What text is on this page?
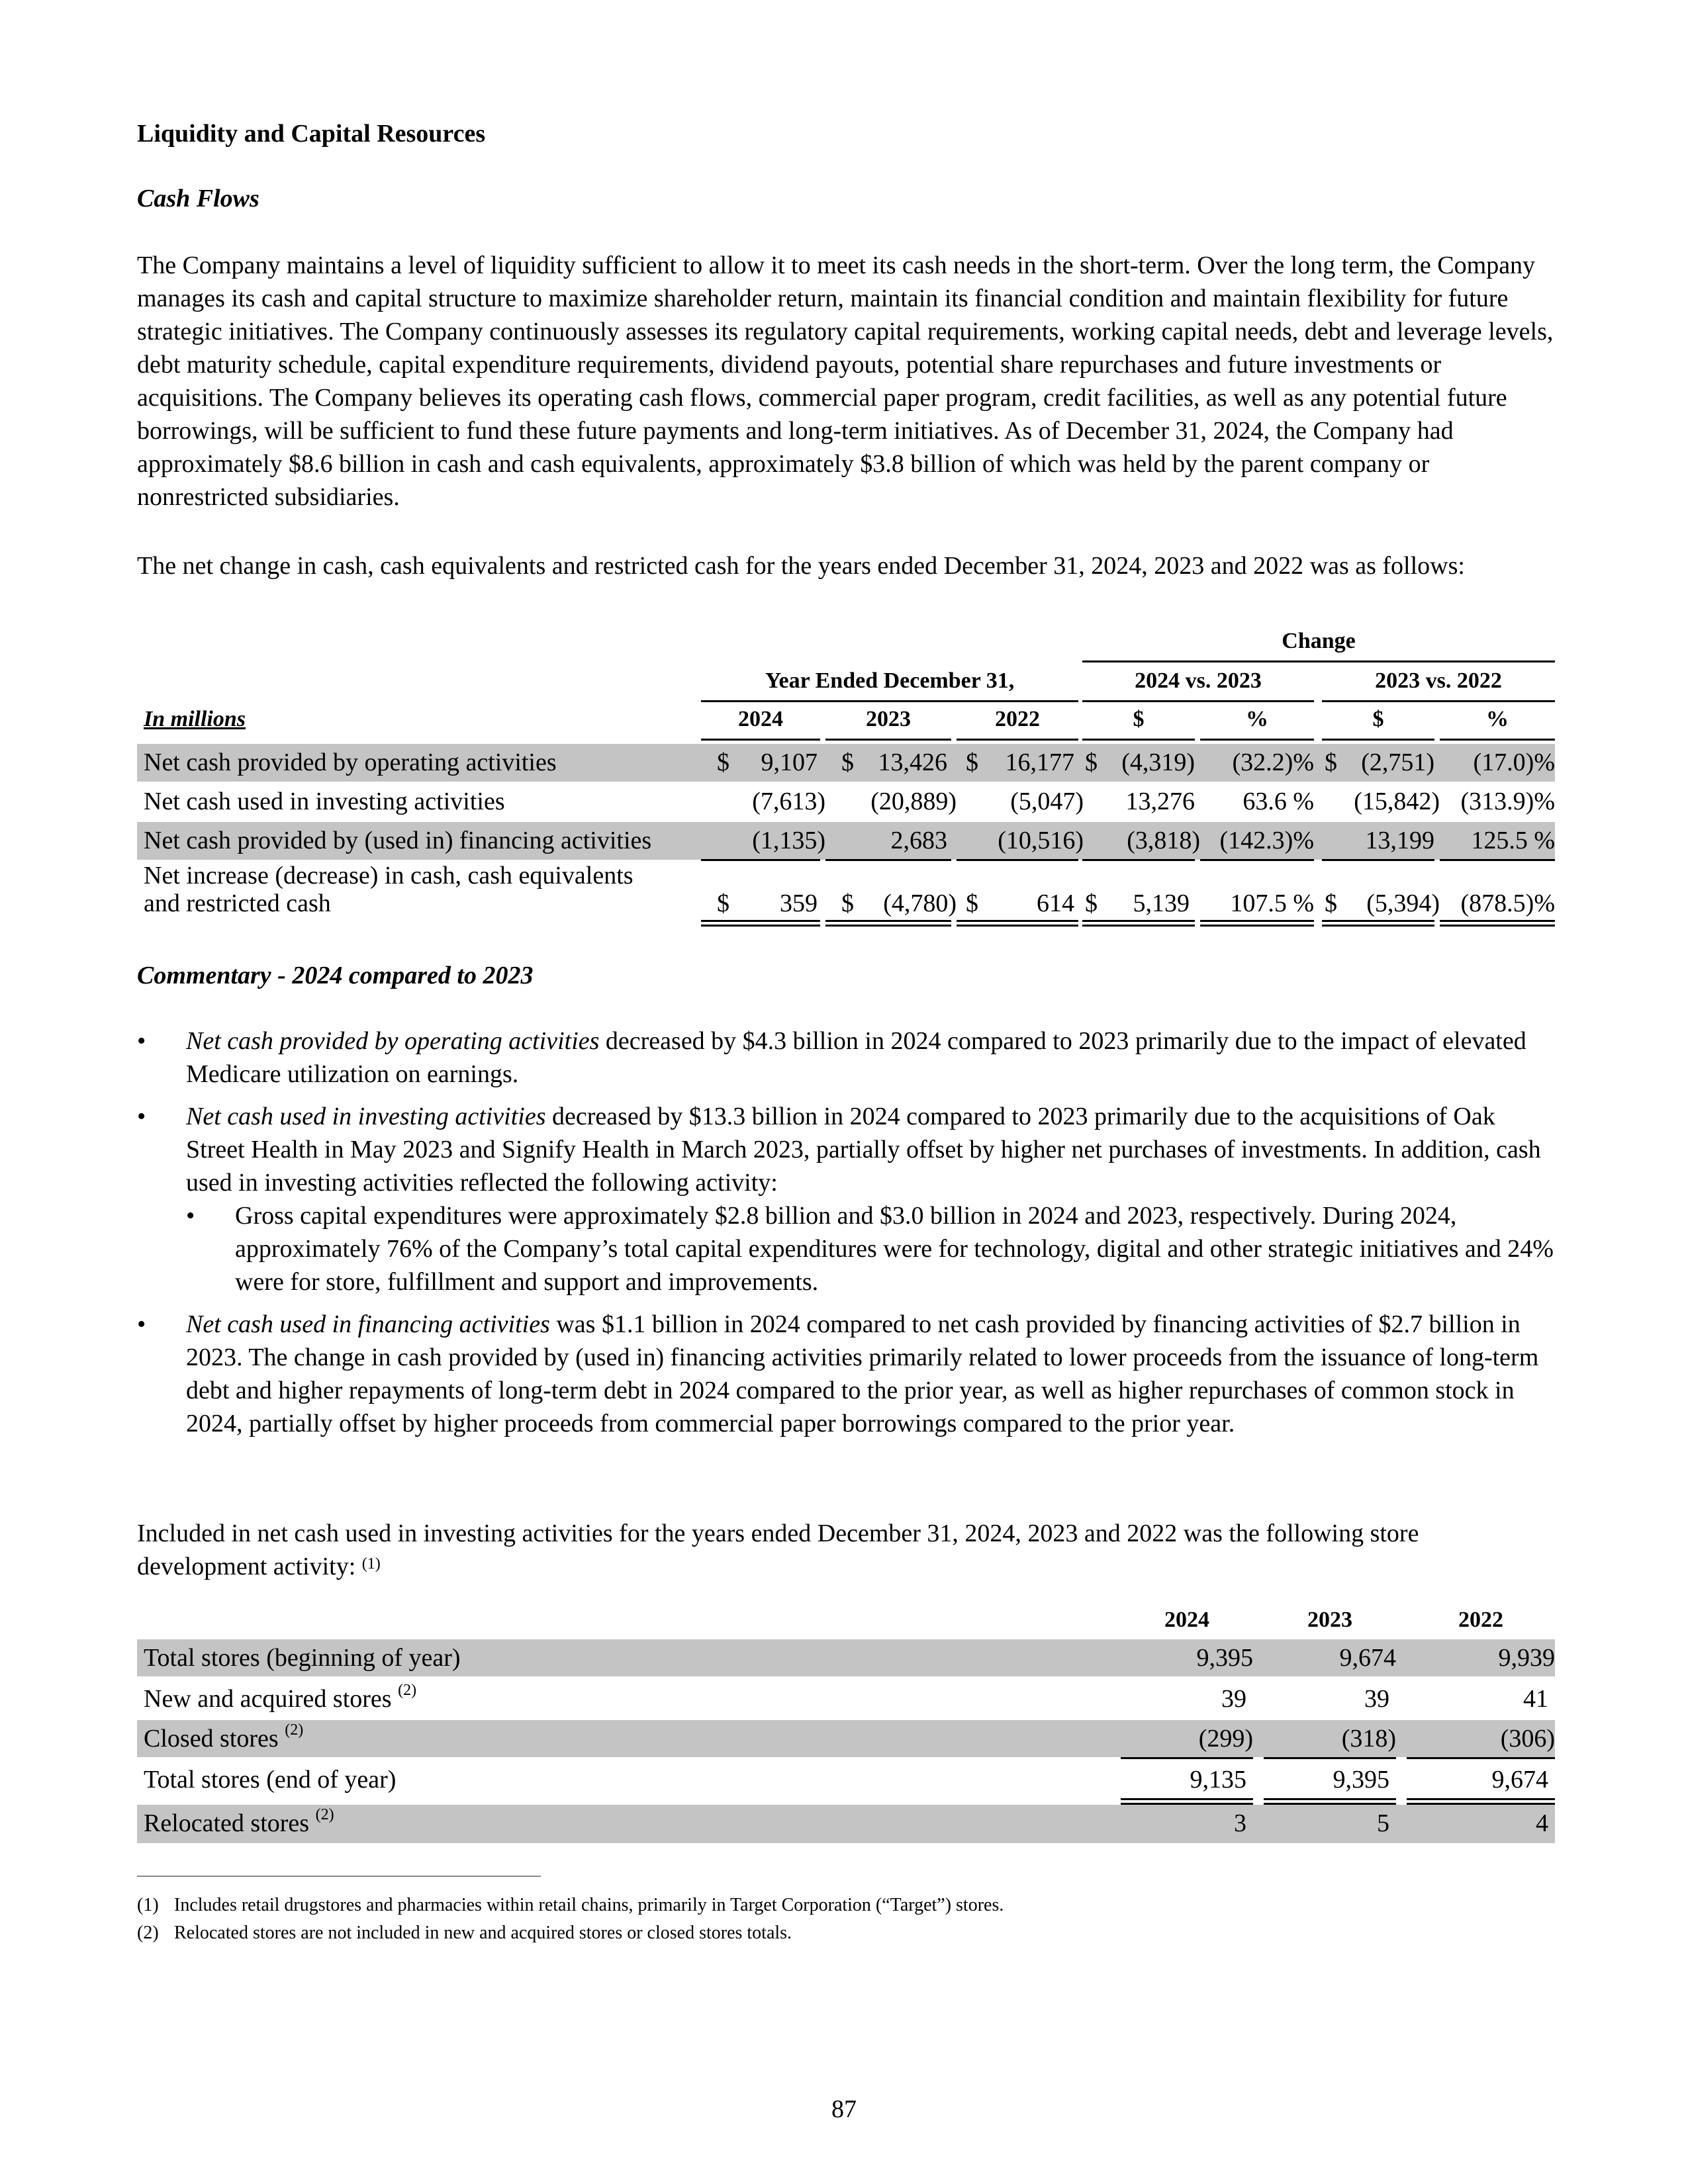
Liquidity and Capital Resources
Cash Flows
The Company maintains a level of liquidity sufficient to allow it to meet its cash needs in the short-term. Over the long term, the Company manages its cash and capital structure to maximize shareholder return, maintain its financial condition and maintain flexibility for future strategic initiatives. The Company continuously assesses its regulatory capital requirements, working capital needs, debt and leverage levels, debt maturity schedule, capital expenditure requirements, dividend payouts, potential share repurchases and future investments or acquisitions. The Company believes its operating cash flows, commercial paper program, credit facilities, as well as any potential future borrowings, will be sufficient to fund these future payments and long-term initiatives. As of December 31, 2024, the Company had approximately $8.6 billion in cash and cash equivalents, approximately $3.8 billion of which was held by the parent company or nonrestricted subsidiaries.
The net change in cash, cash equivalents and restricted cash for the years ended December 31, 2024, 2023 and 2022 was as follows:
Change
Year Ended December 31,	2024 vs. 2023	2023 vs. 2022
In millions	2024	2023	2022	$	%	$	%
Net cash provided by operating activities	$	9,107 $ 13,426 $	16,177 $ (4,319)	(32.2)% $ (2,751)	(17.0)%
Net cash used in investing activities	(7,613)	(20,889)	(5,047)	13,276	63.6 %	(15,842) (313.9)%
Net cash provided by (used in) financing activities	(1,135)	2,683	(10,516)	(3,818) (142.3)%	13,199	125.5 %
Net increase (decrease) in cash, cash equivalents
and restricted cash	$	359 $	(4,780) $	614 $	5,139	107.5 % $	(5,394) (878.5)%
Commentary - 2024 compared to 2023
• Net cash provided by operating activities decreased by $4.3 billion in 2024 compared to 2023 primarily due to the impact of elevated Medicare utilization on earnings.
• Net cash used in investing activities decreased by $13.3 billion in 2024 compared to 2023 primarily due to the acquisitions of Oak Street Health in May 2023 and Signify Health in March 2023, partially offset by higher net purchases of investments. In addition, cash used in investing activities reflected the following activity:
• Gross capital expenditures were approximately $2.8 billion and $3.0 billion in 2024 and 2023, respectively. During 2024, approximately 76% of the Company’s total capital expenditures were for technology, digital and other strategic initiatives and 24% were for store, fulfillment and support and improvements.
• Net cash used in financing activities was $1.1 billion in 2024 compared to net cash provided by financing activities of $2.7 billion in 2023. The change in cash provided by (used in) financing activities primarily related to lower proceeds from the issuance of long-term debt and higher repayments of long-term debt in 2024 compared to the prior year, as well as higher repurchases of common stock in 2024, partially offset by higher proceeds from commercial paper borrowings compared to the prior year.
Included in net cash used in investing activities for the years ended December 31, 2024, 2023 and 2022 was the following store development activity: $^{(1)}$
2024	2023	2022
Total stores (beginning of year)	9,395	9,674	9,939
New and acquired stores $^{(2)}$	39	39	41
Closed stores $^{(2)}$	(299)	(318)	(306)
Total stores (end of year)	9,135	9,395	9,674
Relocated stores $^{(2)}$	3	5	4
(1) Includes retail drugstores and pharmacies within retail chains, primarily in Target Corporation (“Target”) stores.
(2) Relocated stores are not included in new and acquired stores or closed stores totals.
87
